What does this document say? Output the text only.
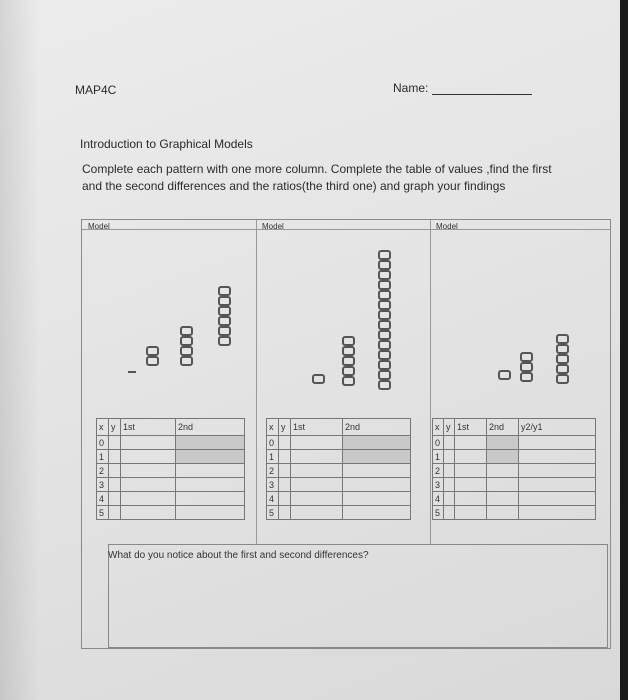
MAP4C	Name:
Introduction to Graphical Models
Complete each pattern with one more column. Complete the table of values ,find the first and the second differences and the ratios(the third one) and graph your findings
Model	Model	Model
x	y	1st	2nd
0			
1			
2			
3			
4			
5			
x	y	1st	2nd
0			
1			
2			
3			
4			
5			
x	y	1st	2nd	y2/y1
0				
1				
2				
3				
4				
5				
What do you notice about the first and second differences?
